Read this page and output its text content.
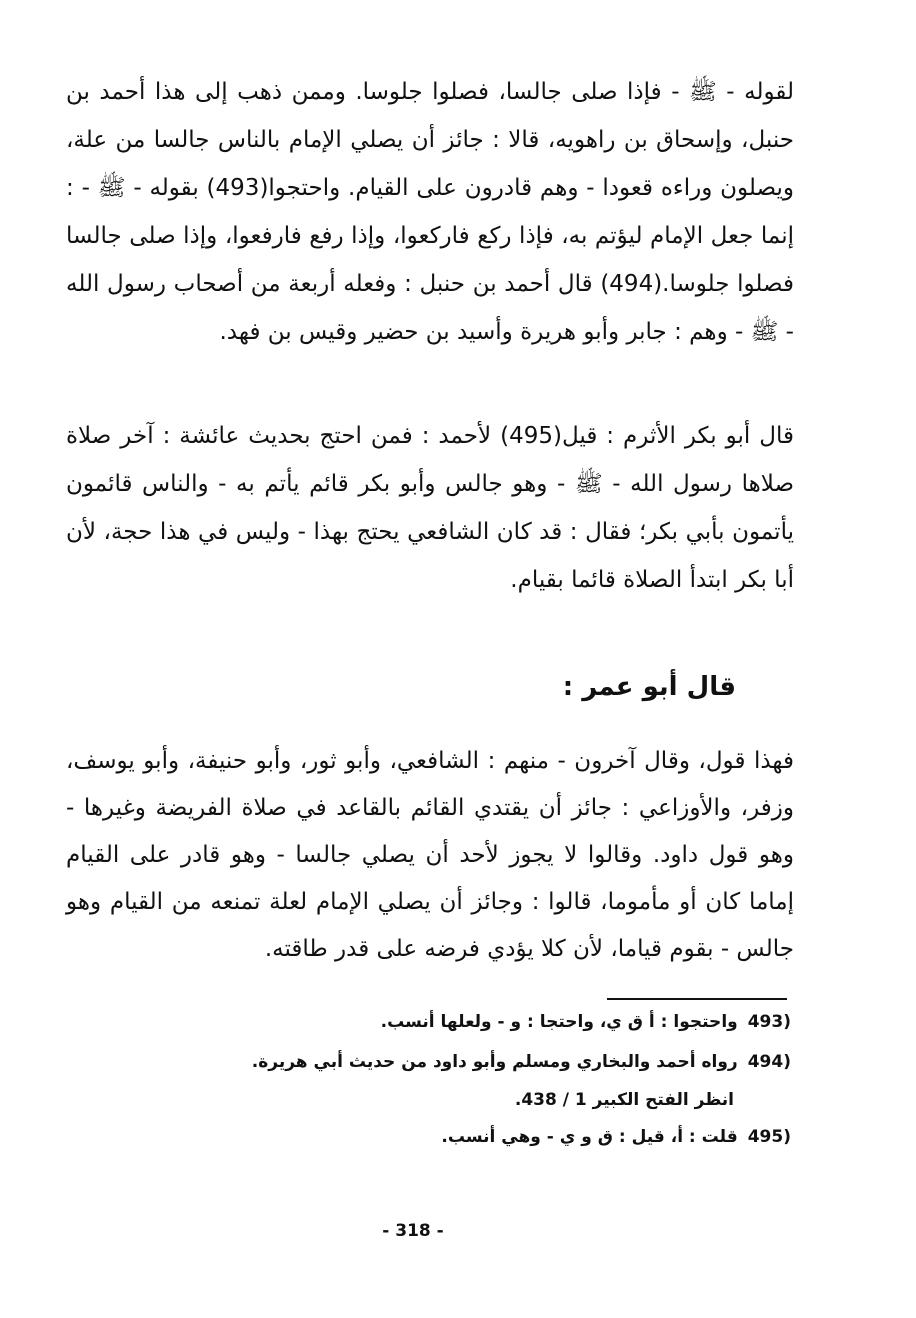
لقوله - ﷺ - فإذا صلى جالسا، فصلوا جلوسا. وممن ذهب إلى هذا أحمد بن حنبل، وإسحاق بن راهويه، قالا : جائز أن يصلي الإمام بالناس جالسا من علة، ويصلون وراءه قعودا - وهم قادرون على القيام. واحتجوا(493) بقوله - ﷺ - : إنما جعل الإمام ليؤتم به، فإذا ركع فاركعوا، وإذا رفع فارفعوا، وإذا صلى جالسا فصلوا جلوسا.(494) قال أحمد بن حنبل : وفعله أربعة من أصحاب رسول الله - ﷺ - وهم : جابر وأبو هريرة وأسيد بن حضير وقيس بن فهد.

قال أبو بكر الأثرم : قيل(495) لأحمد : فمن احتج بحديث عائشة : آخر صلاة صلاها رسول الله - ﷺ - وهو جالس وأبو بكر قائم يأتم به - والناس قائمون يأتمون بأبي بكر؛ فقال : قد كان الشافعي يحتج بهذا - وليس في هذا حجة، لأن أبا بكر ابتدأ الصلاة قائما بقيام.

قال أبو عمر :

فهذا قول، وقال آخرون - منهم : الشافعي، وأبو ثور، وأبو حنيفة، وأبو يوسف، وزفر، والأوزاعي : جائز أن يقتدي القائم بالقاعد في صلاة الفريضة وغيرها - وهو قول داود. وقالوا لا يجوز لأحد أن يصلي جالسا - وهو قادر على القيام إماما كان أو مأموما، قالوا : وجائز أن يصلي الإمام لعلة تمنعه من القيام وهو جالس - بقوم قياما، لأن كلا يؤدي فرضه على قدر طاقته.

(493واحتجوا : أ ق ي، واحتجا : و - ولعلها أنسب.

(494رواه أحمد والبخاري ومسلم وأبو داود من حديث أبي هريرة.

انظر الفتح الكبير 1 / 438.

(495قلت : أ، قيل : ق و ي - وهي أنسب.

- 318 -
